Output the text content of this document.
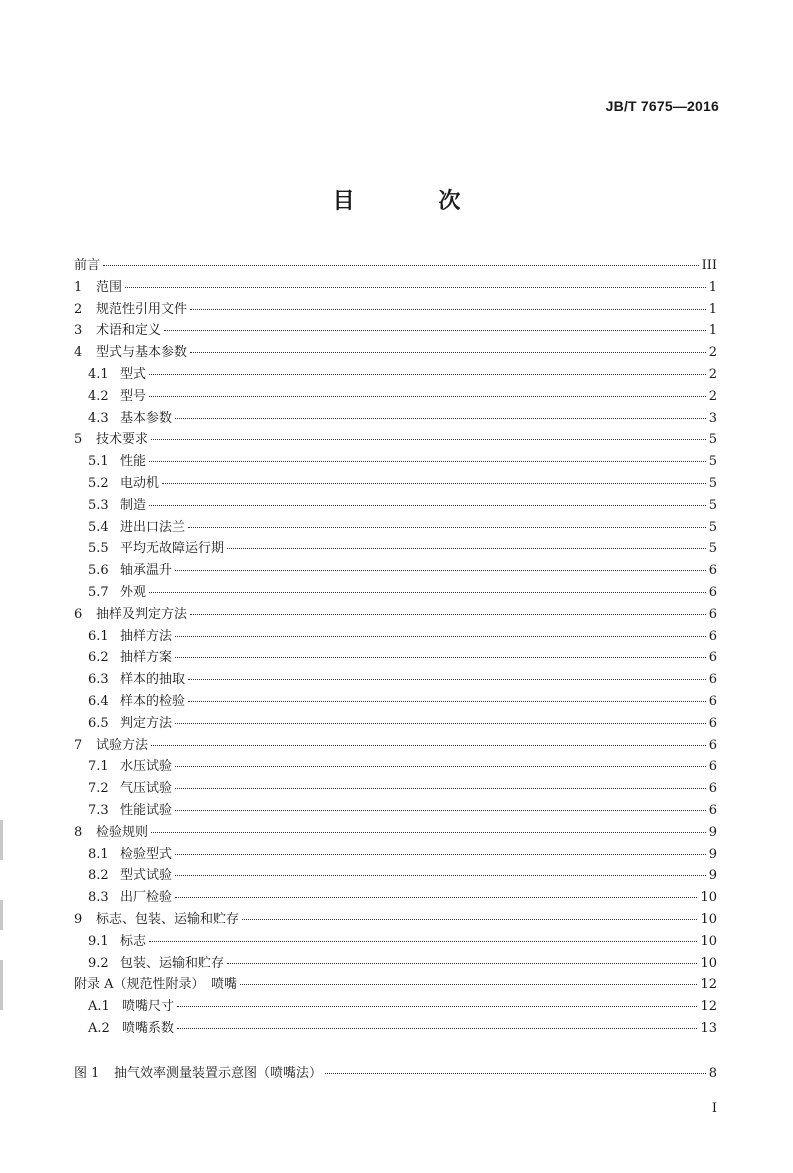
JB/T 7675—2016
目 次
前言	III
1	范围	1
2	规范性引用文件	1
3	术语和定义	1
4	型式与基本参数	2
4.1 型式	2
4.2 型号	2
4.3 基本参数	3
5	技术要求	5
5.1 性能	5
5.2 电动机	5
5.3 制造	5
5.4 进出口法兰	5
5.5 平均无故障运行期	5
5.6 轴承温升	6
5.7 外观	6
6	抽样及判定方法	6
6.1 抽样方法	6
6.2 抽样方案	6
6.3 样本的抽取	6
6.4 样本的检验	6
6.5 判定方法	6
7	试验方法	6
7.1 水压试验	6
7.2 气压试验	6
7.3 性能试验	6
8	检验规则	9
8.1 检验型式	9
8.2 型式试验	9
8.3 出厂检验	10
9	标志、包装、运输和贮存	10
9.1 标志	10
9.2 包装、运输和贮存	10
附录 A（规范性附录）　喷嘴	12
A.1 喷嘴尺寸	12
A.2 喷嘴系数	13
图 1	抽气效率测量装置示意图（喷嘴法）	8
I
